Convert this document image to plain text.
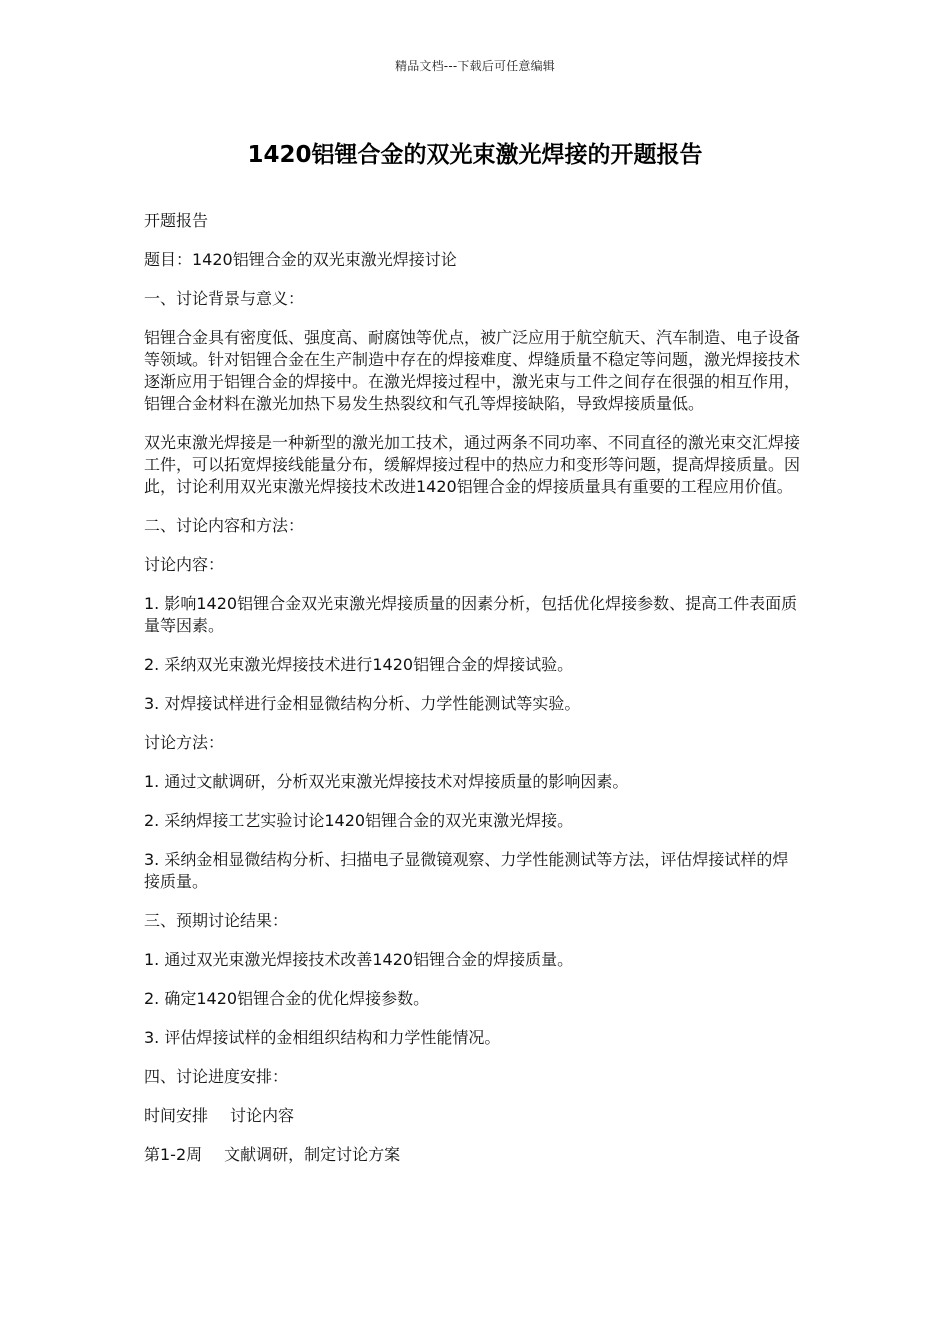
精品文档---下载后可任意编辑
1420铝锂合金的双光束激光焊接的开题报告

开题报告

题目：1420铝锂合金的双光束激光焊接讨论

一、讨论背景与意义：

铝锂合金具有密度低、强度高、耐腐蚀等优点，被广泛应用于航空航天、汽车制造、电子设备等领域。针对铝锂合金在生产制造中存在的焊接难度、焊缝质量不稳定等问题，激光焊接技术逐渐应用于铝锂合金的焊接中。在激光焊接过程中，激光束与工件之间存在很强的相互作用，铝锂合金材料在激光加热下易发生热裂纹和气孔等焊接缺陷，导致焊接质量低。

双光束激光焊接是一种新型的激光加工技术，通过两条不同功率、不同直径的激光束交汇焊接工件，可以拓宽焊接线能量分布，缓解焊接过程中的热应力和变形等问题，提高焊接质量。因此，讨论利用双光束激光焊接技术改进1420铝锂合金的焊接质量具有重要的工程应用价值。

二、讨论内容和方法：

讨论内容：

1. 影响1420铝锂合金双光束激光焊接质量的因素分析，包括优化焊接参数、提高工件表面质量等因素。

2. 采纳双光束激光焊接技术进行1420铝锂合金的焊接试验。

3. 对焊接试样进行金相显微结构分析、力学性能测试等实验。

讨论方法：

1. 通过文献调研，分析双光束激光焊接技术对焊接质量的影响因素。

2. 采纳焊接工艺实验讨论1420铝锂合金的双光束激光焊接。

3. 采纳金相显微结构分析、扫描电子显微镜观察、力学性能测试等方法，评估焊接试样的焊接质量。

三、预期讨论结果：

1. 通过双光束激光焊接技术改善1420铝锂合金的焊接质量。

2. 确定1420铝锂合金的优化焊接参数。

3. 评估焊接试样的金相组织结构和力学性能情况。

四、讨论进度安排：

时间安排 讨论内容
第1-2周 文献调研，制定讨论方案
